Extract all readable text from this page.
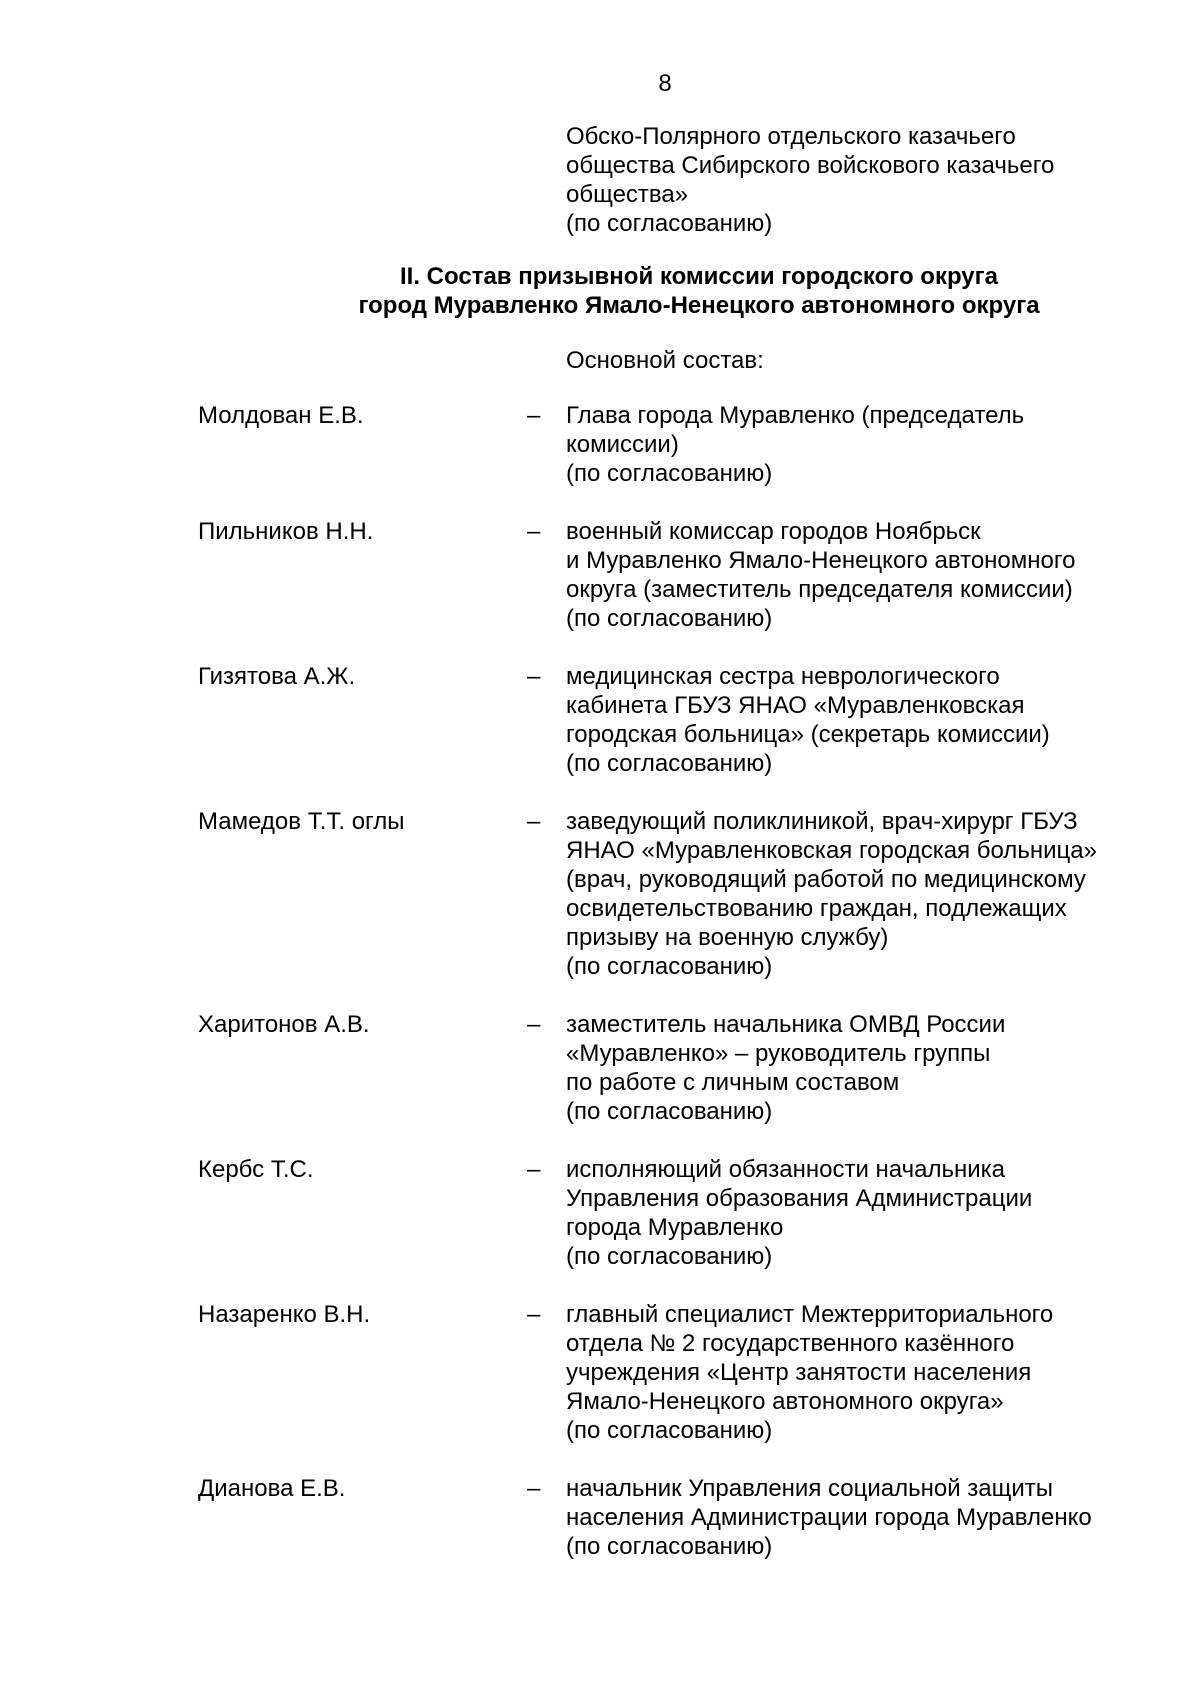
8
Обско-Полярного отдельского казачьего
общества Сибирского войскового казачьего
общества»
(по согласованию)
II. Состав призывной комиссии городского округа
город Муравленко Ямало-Ненецкого автономного округа
Основной состав:
Молдован Е.В.	– Глава города Муравленко (председатель
комиссии)
(по согласованию)
Пильников Н.Н.	– военный комиссар городов Ноябрьск
и Муравленко Ямало-Ненецкого автономного
округа (заместитель председателя комиссии)
(по согласованию)
Гизятова А.Ж.	– медицинская сестра неврологического
кабинета ГБУЗ ЯНАО «Муравленковская
городская больница» (секретарь комиссии)
(по согласованию)
Мамедов Т.Т. оглы	– заведующий поликлиникой, врач-хирург ГБУЗ
ЯНАО «Муравленковская городская больница»
(врач, руководящий работой по медицинскому
освидетельствованию граждан, подлежащих
призыву на военную службу)
(по согласованию)
Харитонов А.В.	– заместитель начальника ОМВД России
«Муравленко» – руководитель группы
по работе с личным составом
(по согласованию)
Кербс Т.С.	– исполняющий обязанности начальника
Управления образования Администрации
города Муравленко
(по согласованию)
Назаренко В.Н.	– главный специалист Межтерриториального
отдела № 2 государственного казённого
учреждения «Центр занятости населения
Ямало-Ненецкого автономного округа»
(по согласованию)
Дианова Е.В.	– начальник Управления социальной защиты
населения Администрации города Муравленко
(по согласованию)
